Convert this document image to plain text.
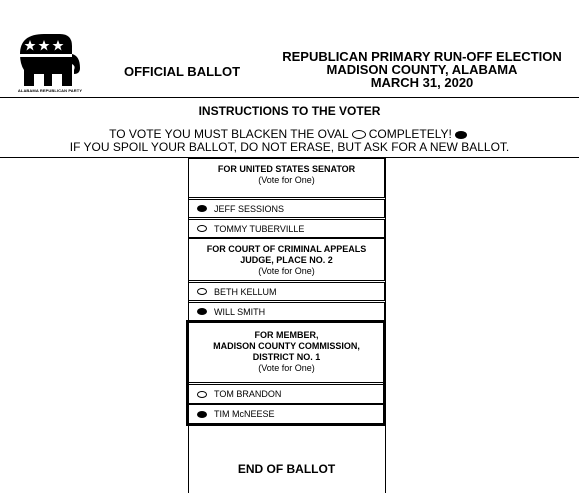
ALABAMA REPUBLICAN PARTY
OFFICIAL BALLOT
REPUBLICAN PRIMARY RUN-OFF ELECTION
MADISON COUNTY, ALABAMA
MARCH 31, 2020
INSTRUCTIONS TO THE VOTER
TO VOTE YOU MUST BLACKEN THE OVAL COMPLETELY!
IF YOU SPOIL YOUR BALLOT, DO NOT ERASE, BUT ASK FOR A NEW BALLOT.
FOR UNITED STATES SENATOR
(Vote for One)
JEFF SESSIONS
TOMMY TUBERVILLE
FOR COURT OF CRIMINAL APPEALS
JUDGE, PLACE NO. 2
(Vote for One)
BETH KELLUM
WILL SMITH
FOR MEMBER,
MADISON COUNTY COMMISSION,
DISTRICT NO. 1
(Vote for One)
TOM BRANDON
TIM McNEESE
END OF BALLOT
